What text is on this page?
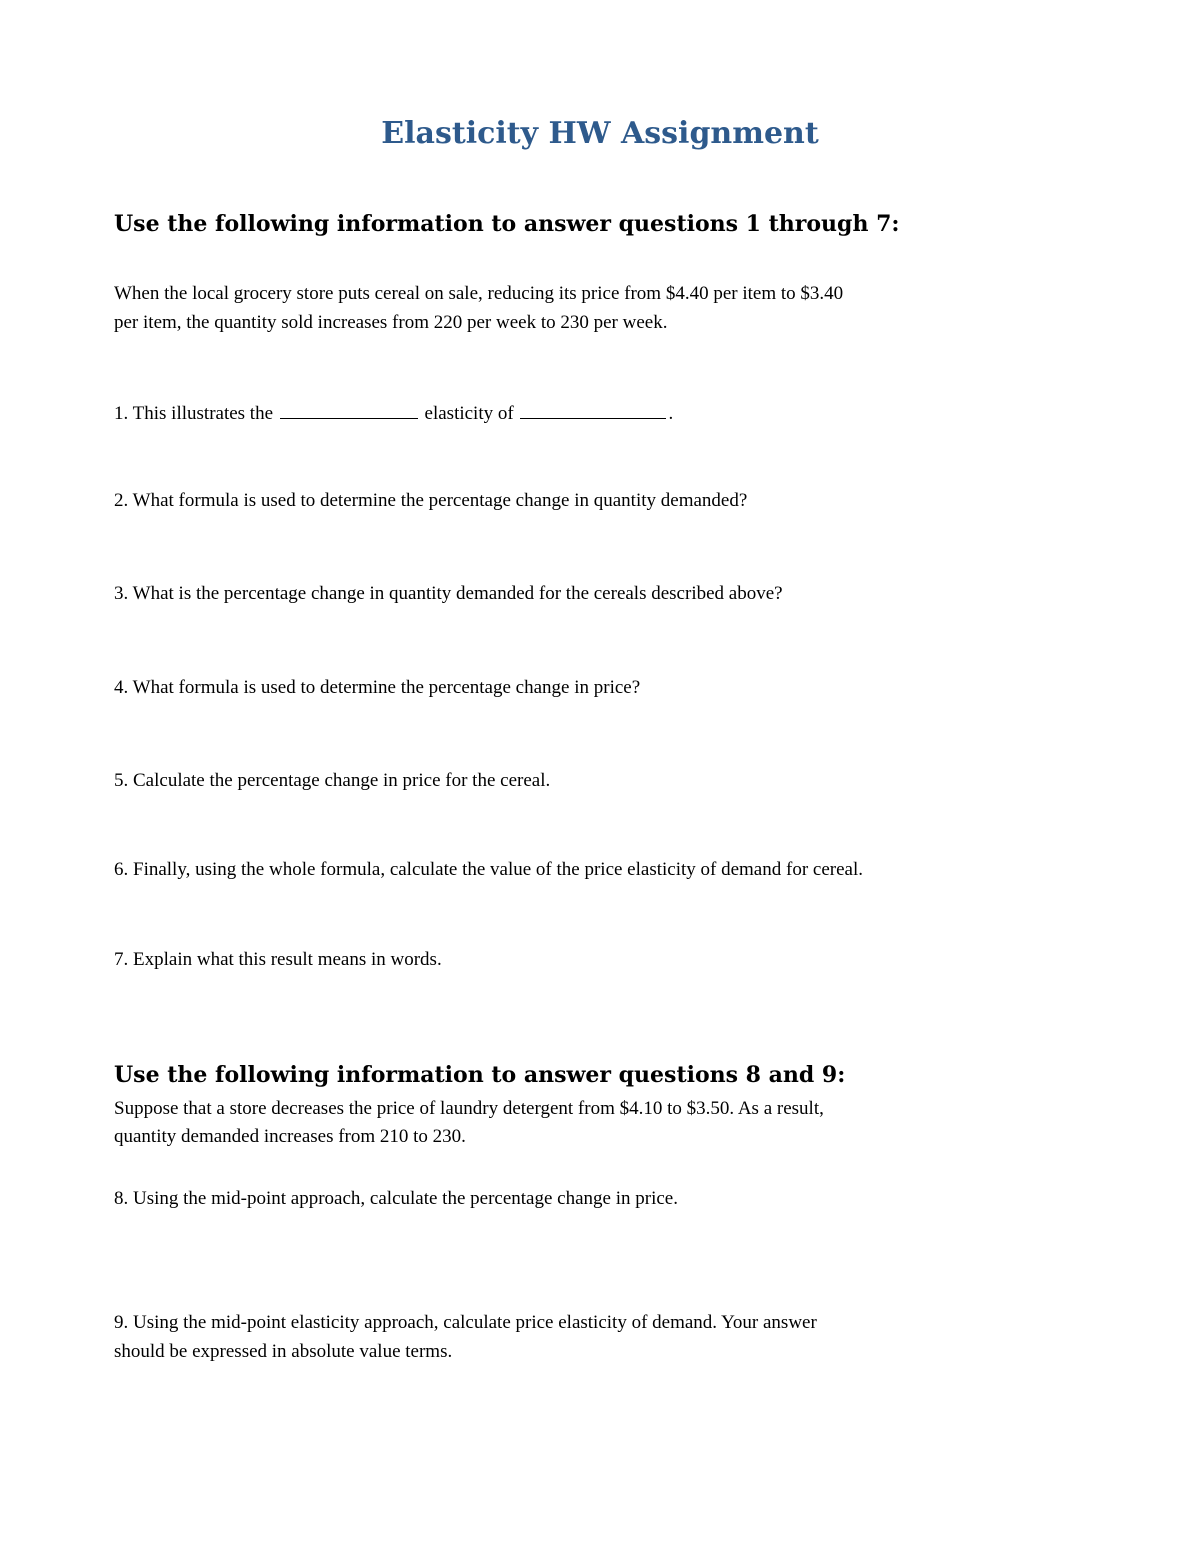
Elasticity HW Assignment
Use the following information to answer questions 1 through 7:
When the local grocery store puts cereal on sale, reducing its price from $4.40 per item to $3.40
per item, the quantity sold increases from 220 per week to 230 per week.
1. This illustrates the	elasticity of	.
2. What formula is used to determine the percentage change in quantity demanded?
3. What is the percentage change in quantity demanded for the cereals described above?
4. What formula is used to determine the percentage change in price?
5. Calculate the percentage change in price for the cereal.
6. Finally, using the whole formula, calculate the value of the price elasticity of demand for cereal.
7. Explain what this result means in words.
Use the following information to answer questions 8 and 9:
Suppose that a store decreases the price of laundry detergent from $4.10 to $3.50. As a result,
quantity demanded increases from 210 to 230.
8. Using the mid-point approach, calculate the percentage change in price.
9. Using the mid-point elasticity approach, calculate price elasticity of demand. Your answer
should be expressed in absolute value terms.
